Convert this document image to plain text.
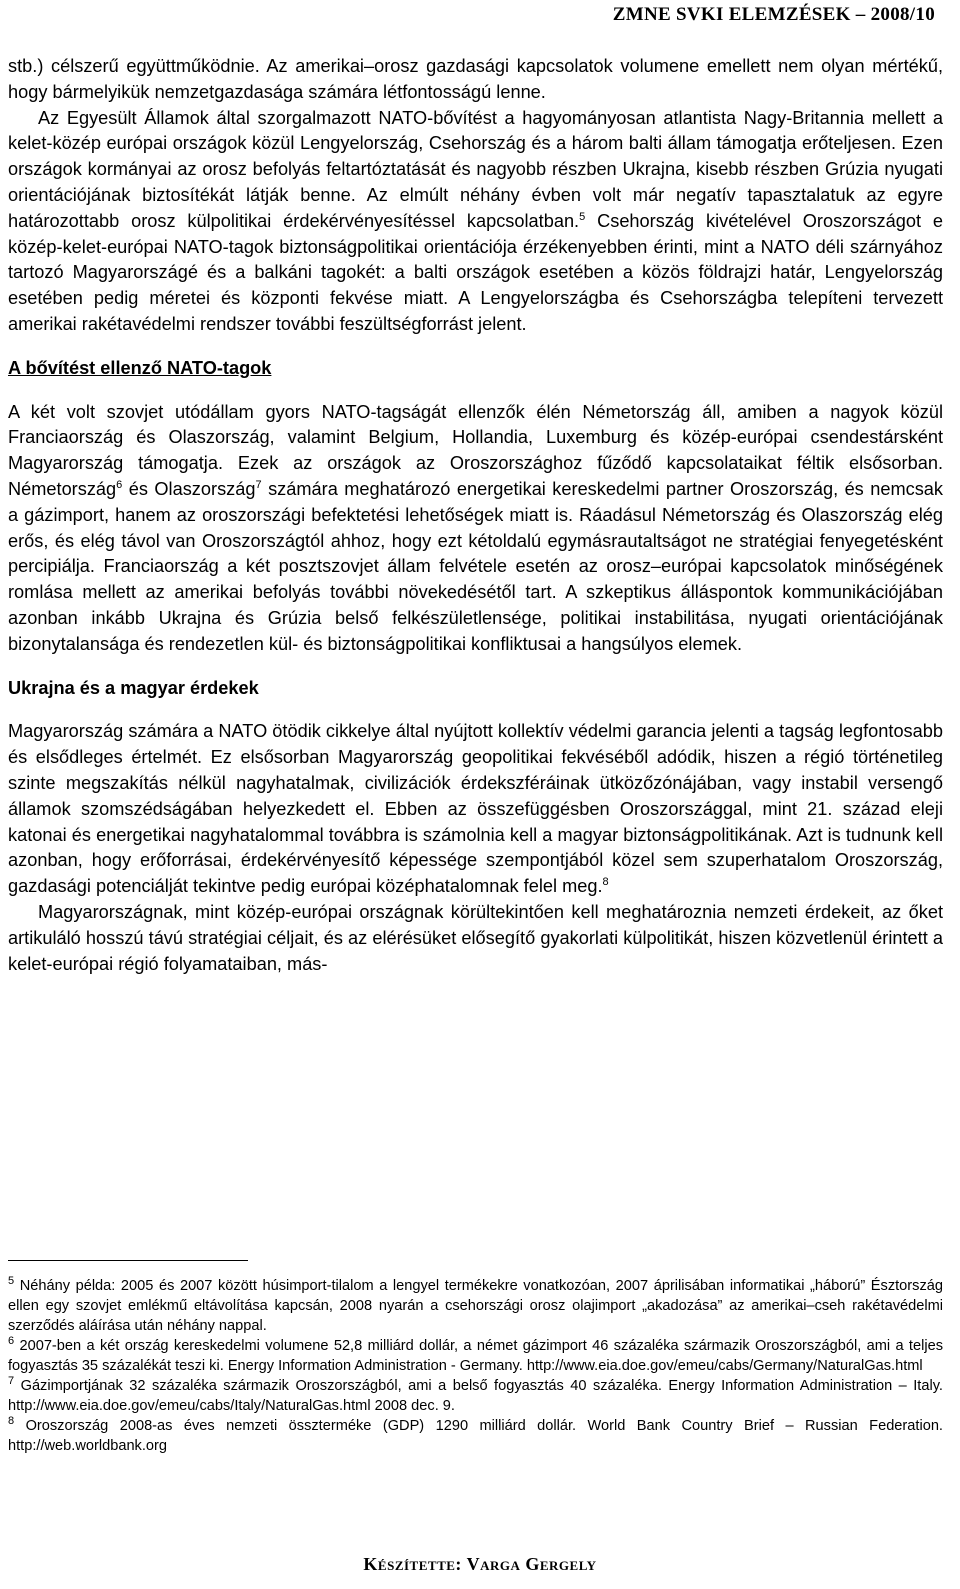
ZMNE SVKI ELEMZÉSEK – 2008/10

stb.) célszerű együttműködnie. Az amerikai–orosz gazdasági kapcsolatok volumene emellett nem olyan mértékű, hogy bármelyikük nemzetgazdasága számára létfontosságú lenne.

Az Egyesült Államok által szorgalmazott NATO-bővítést a hagyományosan atlantista Nagy-Britannia mellett a kelet-közép európai országok közül Lengyelország, Csehország és a három balti állam támogatja erőteljesen. Ezen országok kormányai az orosz befolyás feltartóztatását és nagyobb részben Ukrajna, kisebb részben Grúzia nyugati orientációjának biztosítékát látják benne. Az elmúlt néhány évben volt már negatív tapasztalatuk az egyre határozottabb orosz külpolitikai érdekérvényesítéssel kapcsolatban.$^5$ Csehország kivételével Oroszországot e közép-kelet-európai NATO-tagok biztonságpolitikai orientációja érzékenyebben érinti, mint a NATO déli szárnyához tartozó Magyarországé és a balkáni tagokét: a balti országok esetében a közös földrajzi határ, Lengyelország esetében pedig méretei és központi fekvése miatt. A Lengyelországba és Csehországba telepíteni tervezett amerikai rakétavédelmi rendszer további feszültségforrást jelent.

A bővítést ellenző NATO-tagok

A két volt szovjet utódállam gyors NATO-tagságát ellenzők élén Németország áll, amiben a nagyok közül Franciaország és Olaszország, valamint Belgium, Hollandia, Luxemburg és közép-európai csendestársként Magyarország támogatja. Ezek az országok az Oroszországhoz fűződő kapcsolataikat féltik elsősorban. Németország$^6$ és Olaszország$^7$ számára meghatározó energetikai kereskedelmi partner Oroszország, és nemcsak a gázimport, hanem az oroszországi befektetési lehetőségek miatt is. Ráadásul Németország és Olaszország elég erős, és elég távol van Oroszországtól ahhoz, hogy ezt kétoldalú egymásrautaltságot ne stratégiai fenyegetésként percipiálja. Franciaország a két posztszovjet állam felvétele esetén az orosz–európai kapcsolatok minőségének romlása mellett az amerikai befolyás további növekedésétől tart. A szkeptikus álláspontok kommunikációjában azonban inkább Ukrajna és Grúzia belső felkészületlensége, politikai instabilitása, nyugati orientációjának bizonytalansága és rendezetlen kül- és biztonságpolitikai konfliktusai a hangsúlyos elemek.

Ukrajna és a magyar érdekek

Magyarország számára a NATO ötödik cikkelye által nyújtott kollektív védelmi garancia jelenti a tagság legfontosabb és elsődleges értelmét. Ez elsősorban Magyarország geopolitikai fekvéséből adódik, hiszen a régió történetileg szinte megszakítás nélkül nagyhatalmak, civilizációk érdekszféráinak ütközőzónájában, vagy instabil versengő államok szomszédságában helyezkedett el. Ebben az összefüggésben Oroszországgal, mint 21. század eleji katonai és energetikai nagyhatalommal továbbra is számolnia kell a magyar biztonságpolitikának. Azt is tudnunk kell azonban, hogy erőforrásai, érdekérvényesítő képessége szempontjából közel sem szuperhatalom Oroszország, gazdasági potenciálját tekintve pedig európai középhatalomnak felel meg.$^8$

Magyarországnak, mint közép-európai országnak körültekintően kell meghatároznia nemzeti érdekeit, az őket artikuláló hosszú távú stratégiai céljait, és az elérésüket elősegítő gyakorlati külpolitikát, hiszen közvetlenül érintett a kelet-európai régió folyamataiban, más-

$^5$ Néhány példa: 2005 és 2007 között húsimport-tilalom a lengyel termékekre vonatkozóan, 2007 áprilisában informatikai „háború” Észtország ellen egy szovjet emlékmű eltávolítása kapcsán, 2008 nyarán a csehországi orosz olajimport „akadozása” az amerikai–cseh rakétavédelmi szerződés aláírása után néhány nappal.

$^6$ 2007-ben a két ország kereskedelmi volumene 52,8 milliárd dollár, a német gázimport 46 százaléka származik Oroszországból, ami a teljes fogyasztás 35 százalékát teszi ki. Energy Information Administration - Germany. http://www.eia.doe.gov/emeu/cabs/Germany/NaturalGas.html

$^7$ Gázimportjának 32 százaléka származik Oroszországból, ami a belső fogyasztás 40 százaléka. Energy Information Administration – Italy. http://www.eia.doe.gov/emeu/cabs/Italy/NaturalGas.html 2008 dec. 9.

$^8$ Oroszország 2008-as éves nemzeti összterméke (GDP) 1290 milliárd dollár. World Bank Country Brief – Russian Federation. http://web.worldbank.org

Készítette: Varga Gergely
